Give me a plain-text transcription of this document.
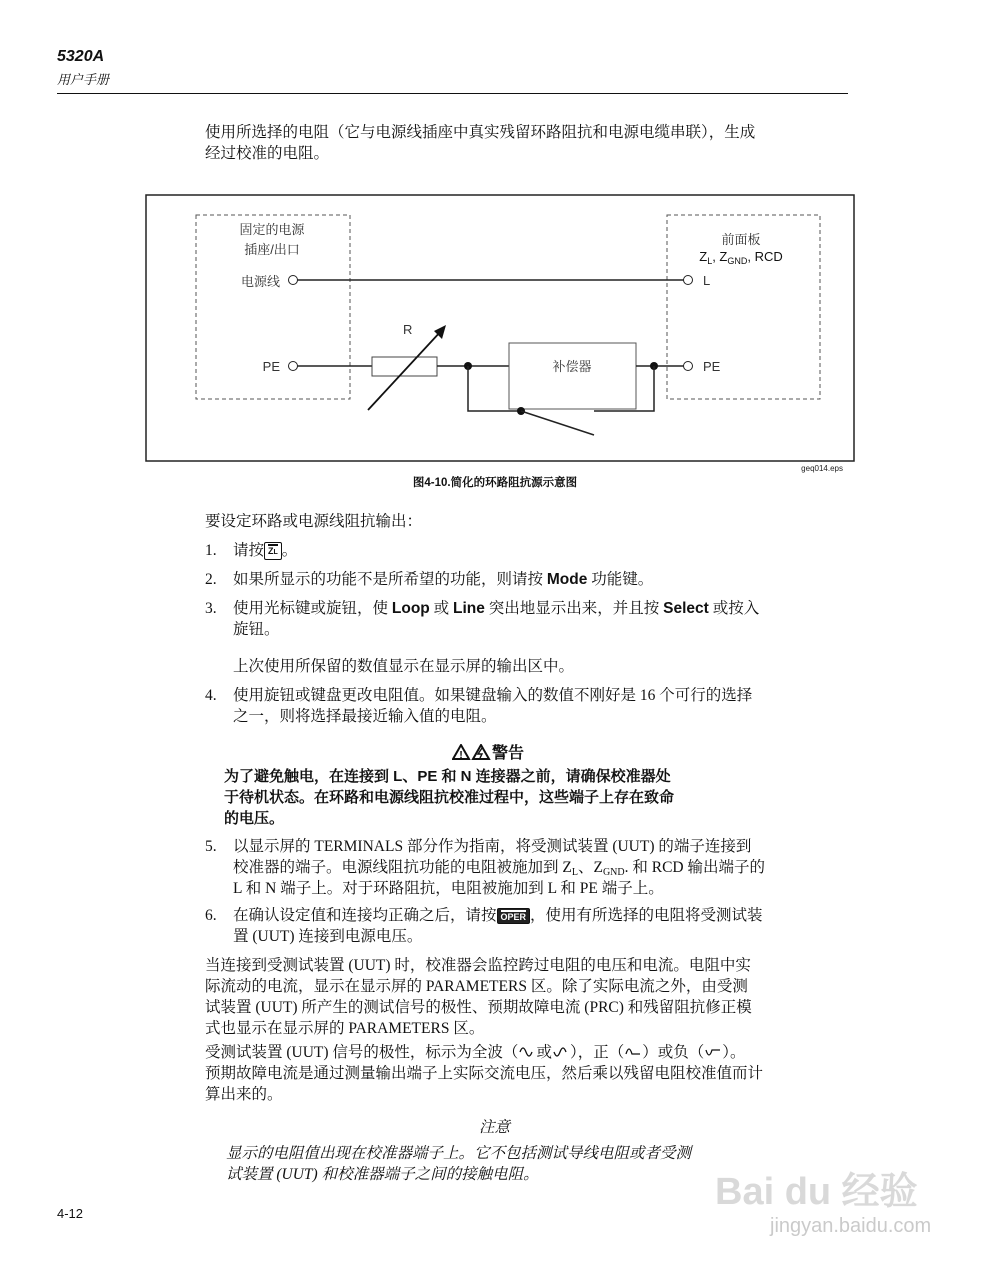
5320A
用户手册
使用所选择的电阻（它与电源线插座中真实残留环路阻抗和电源电缆串联），生成
经过校准的电阻。
固定的电源
插座/出口
电源线
PE
前面板
$Z_L$, $Z_{GND}$, RCD
L
PE
R
补偿器
geq014.eps
图4-10.简化的环路阻抗源示意图
要设定环路或电源线阻抗输出：
1. 请按 ZL 。
2. 如果所显示的功能不是所希望的功能，则请按 Mode 功能键。
3. 使用光标键或旋钮，使 Loop 或 Line 突出地显示出来，并且按 Select 或按入
旋钮。
上次使用所保留的数值显示在显示屏的输出区中。
4. 使用旋钮或键盘更改电阻值。如果键盘输入的数值不刚好是 16 个可行的选择
之一，则将选择最接近输入值的电阻。
! 警告
为了避免触电，在连接到 L、PE 和 N 连接器之前，请确保校准器处
于待机状态。在环路和电源线阻抗校准过程中，这些端子上存在致命
的电压。
5. 以显示屏的 TERMINALS 部分作为指南，将受测试装置 (UUT) 的端子连接到
校准器的端子。电源线阻抗功能的电阻被施加到 $Z_L$、$Z_{GND}$. 和 RCD 输出端子的
L 和 N 端子上。对于环路阻抗，电阻被施加到 L 和 PE 端子上。
6. 在确认设定值和连接均正确之后，请按 OPER ，使用有所选择的电阻将受测试装
置 (UUT) 连接到电源电压。
当连接到受测试装置 (UUT) 时，校准器会监控跨过电阻的电压和电流。电阻中实
际流动的电流，显示在显示屏的 PARAMETERS 区。除了实际电流之外，由受测
试装置 (UUT) 所产生的测试信号的极性、预期故障电流 (PRC) 和残留阻抗修正模
式也显示在显示屏的 PARAMETERS 区。
受测试装置 (UUT) 信号的极性，标示为全波（ 或 ），正（ ）或负（ ）。
预期故障电流是通过测量输出端子上实际交流电压，然后乘以残留电阻校准值而计
算出来的。
注意
显示的电阻值出现在校准器端子上。它不包括测试导线电阻或者受测
试装置 (UUT) 和校准器端子之间的接触电阻。
4-12
Bai du 经验
jingyan.baidu.com
